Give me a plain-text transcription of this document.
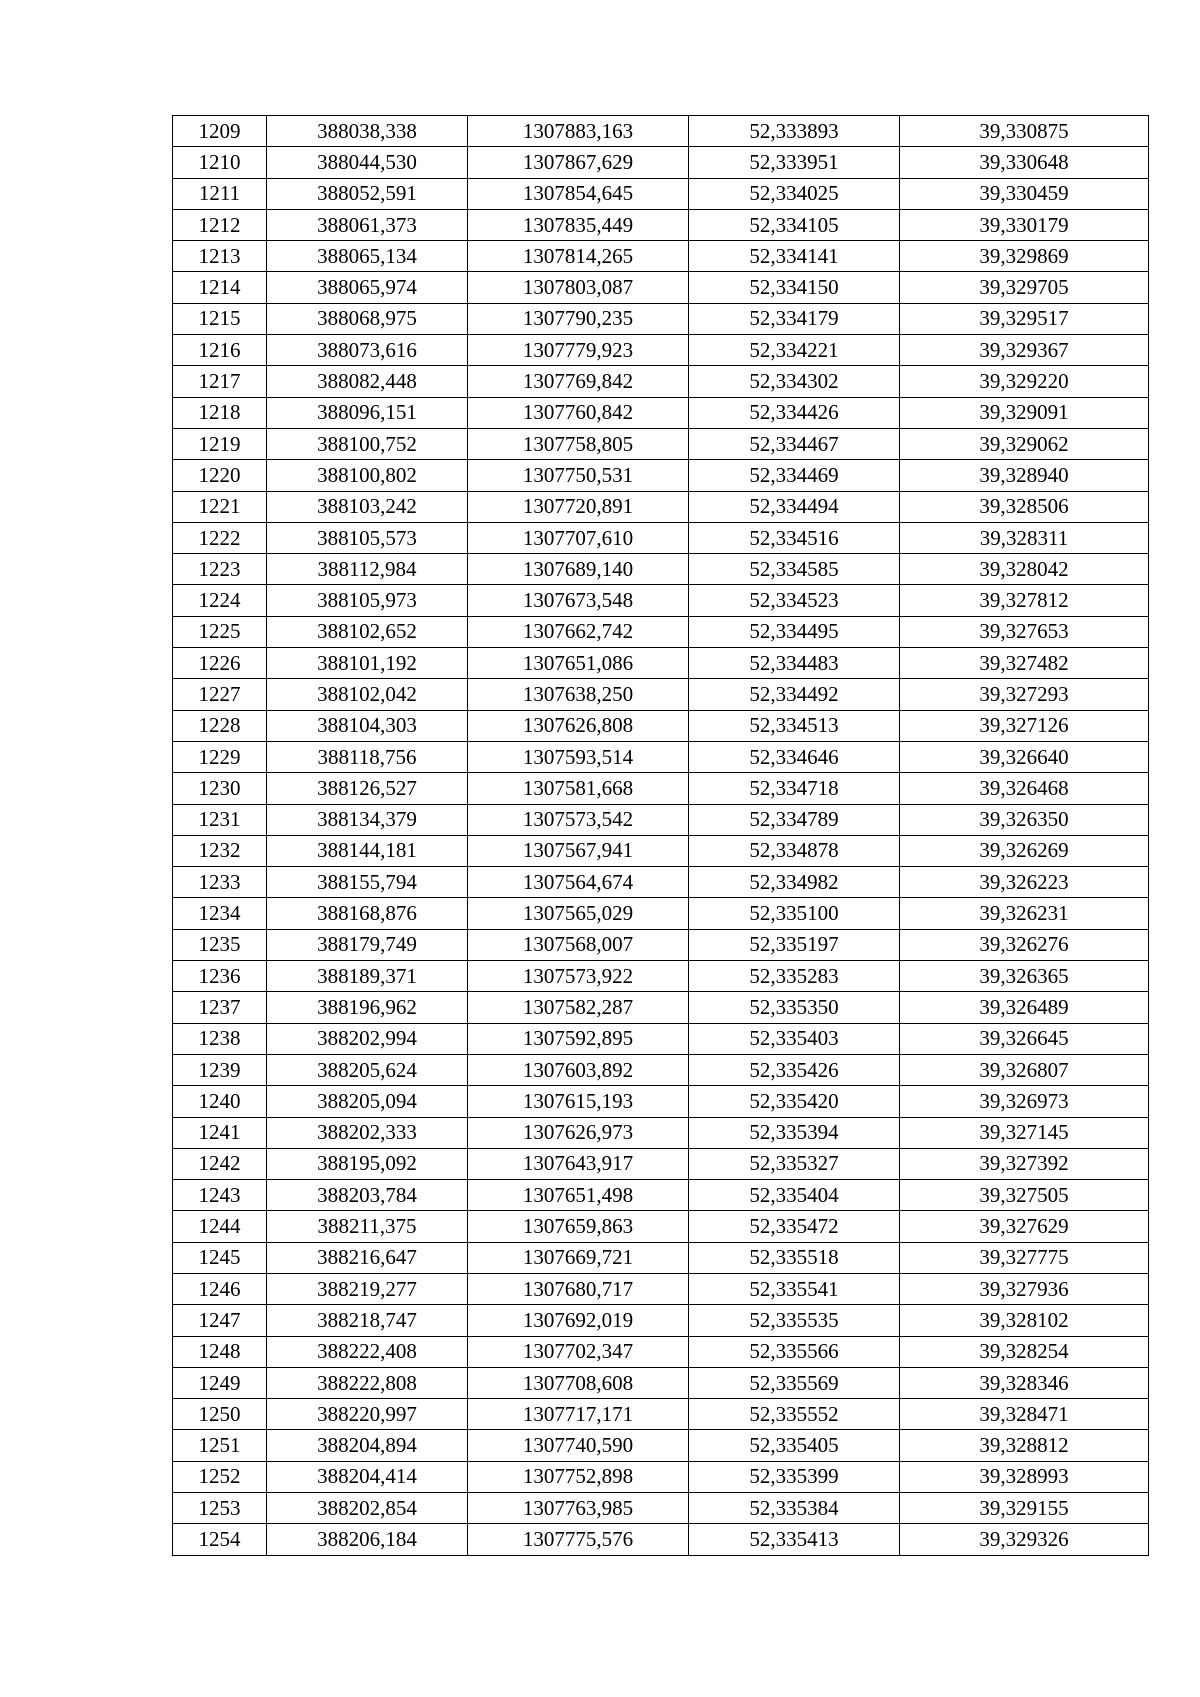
1209	388038,338	1307883,163	52,333893	39,330875
1210	388044,530	1307867,629	52,333951	39,330648
1211	388052,591	1307854,645	52,334025	39,330459
1212	388061,373	1307835,449	52,334105	39,330179
1213	388065,134	1307814,265	52,334141	39,329869
1214	388065,974	1307803,087	52,334150	39,329705
1215	388068,975	1307790,235	52,334179	39,329517
1216	388073,616	1307779,923	52,334221	39,329367
1217	388082,448	1307769,842	52,334302	39,329220
1218	388096,151	1307760,842	52,334426	39,329091
1219	388100,752	1307758,805	52,334467	39,329062
1220	388100,802	1307750,531	52,334469	39,328940
1221	388103,242	1307720,891	52,334494	39,328506
1222	388105,573	1307707,610	52,334516	39,328311
1223	388112,984	1307689,140	52,334585	39,328042
1224	388105,973	1307673,548	52,334523	39,327812
1225	388102,652	1307662,742	52,334495	39,327653
1226	388101,192	1307651,086	52,334483	39,327482
1227	388102,042	1307638,250	52,334492	39,327293
1228	388104,303	1307626,808	52,334513	39,327126
1229	388118,756	1307593,514	52,334646	39,326640
1230	388126,527	1307581,668	52,334718	39,326468
1231	388134,379	1307573,542	52,334789	39,326350
1232	388144,181	1307567,941	52,334878	39,326269
1233	388155,794	1307564,674	52,334982	39,326223
1234	388168,876	1307565,029	52,335100	39,326231
1235	388179,749	1307568,007	52,335197	39,326276
1236	388189,371	1307573,922	52,335283	39,326365
1237	388196,962	1307582,287	52,335350	39,326489
1238	388202,994	1307592,895	52,335403	39,326645
1239	388205,624	1307603,892	52,335426	39,326807
1240	388205,094	1307615,193	52,335420	39,326973
1241	388202,333	1307626,973	52,335394	39,327145
1242	388195,092	1307643,917	52,335327	39,327392
1243	388203,784	1307651,498	52,335404	39,327505
1244	388211,375	1307659,863	52,335472	39,327629
1245	388216,647	1307669,721	52,335518	39,327775
1246	388219,277	1307680,717	52,335541	39,327936
1247	388218,747	1307692,019	52,335535	39,328102
1248	388222,408	1307702,347	52,335566	39,328254
1249	388222,808	1307708,608	52,335569	39,328346
1250	388220,997	1307717,171	52,335552	39,328471
1251	388204,894	1307740,590	52,335405	39,328812
1252	388204,414	1307752,898	52,335399	39,328993
1253	388202,854	1307763,985	52,335384	39,329155
1254	388206,184	1307775,576	52,335413	39,329326
